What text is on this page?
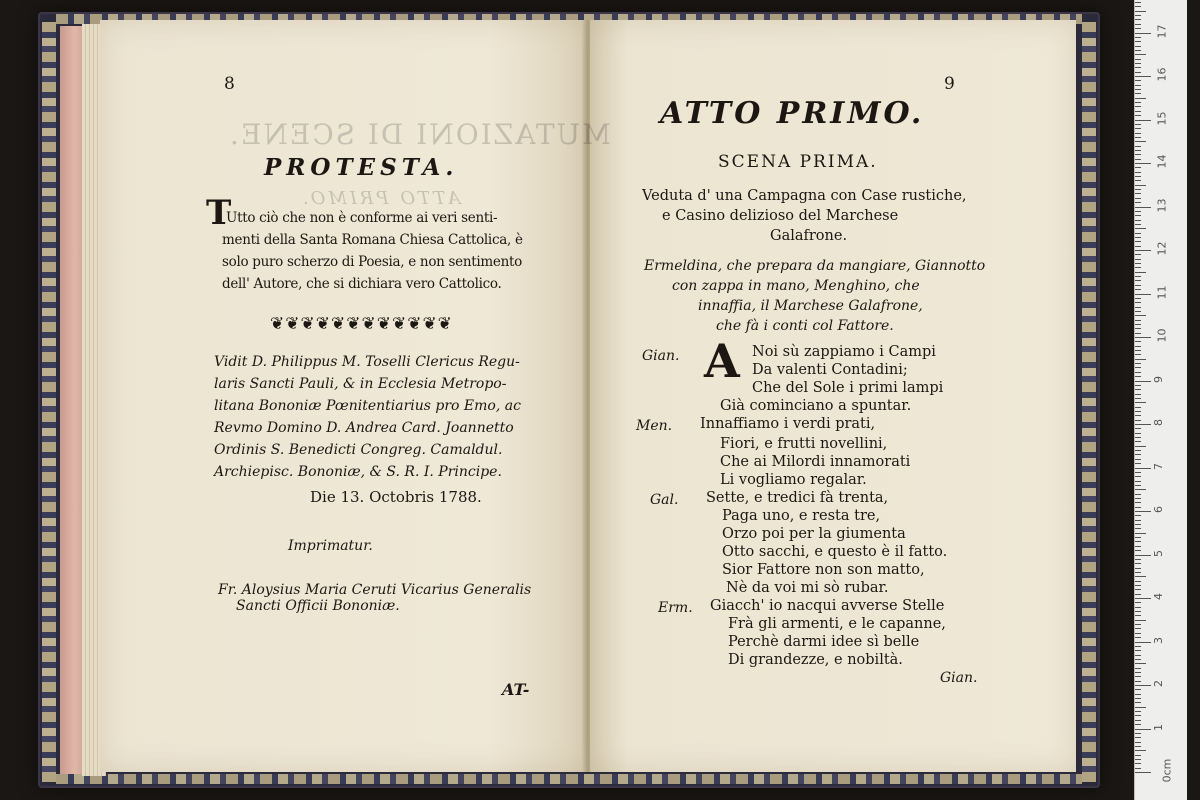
MUTAZIONI DI SCENE.
ATTO PRIMO.
8
PROTESTA.
T
Utto ciò che non è conforme ai veri senti-
menti della Santa Romana Chiesa Cattolica, è
solo puro scherzo di Poesia, e non sentimento
dell' Autore, che si dichiara vero Cattolico.
❦❦❦❦❦❦❦❦❦❦❦❦
Vidit D. Philippus M. Toselli Clericus Regu-
laris Sancti Pauli, & in Ecclesia Metropo-
litana Bononiæ Pœnitentiarius pro Emo, ac
Revmo Domino D. Andrea Card. Joannetto
Ordinis S. Benedicti Congreg. Camaldul.
Archiepisc. Bononiæ, & S. R. I. Principe.
Die 13. Octobris 1788.
Imprimatur.
Fr. Aloysius Maria Ceruti Vicarius Generalis
Sancti Officii Bononiæ.
AT-
9
ATTO PRIMO.
SCENA PRIMA.
Veduta d' una Campagna con Case rustiche,
e Casino delizioso del Marchese
Galafrone.
Ermeldina, che prepara da mangiare, Giannotto
con zappa in mano, Menghino, che
innaffia, il Marchese Galafrone,
che fà i conti col Fattore.
Gian. A Noi sù zappiamo i Campi
Da valenti Contadini;
Che del Sole i primi lampi
Già cominciano a spuntar.
Men. Innaffiamo i verdi prati,
Fiori, e frutti novellini,
Che ai Milordi innamorati
Li vogliamo regalar.
Gal. Sette, e tredici fà trenta,
Paga uno, e resta tre,
Orzo poi per la giumenta
Otto sacchi, e questo è il fatto.
Sior Fattore non son matto,
Nè da voi mi sò rubar.
Erm. Giacch' io nacqui avverse Stelle
Frà gli armenti, e le capanne,
Perchè darmi idee sì belle
Di grandezze, e nobiltà.
Gian.
0cm
1
2
3
4
5
6
7
8
9
10
11
12
13
14
15
16
17
